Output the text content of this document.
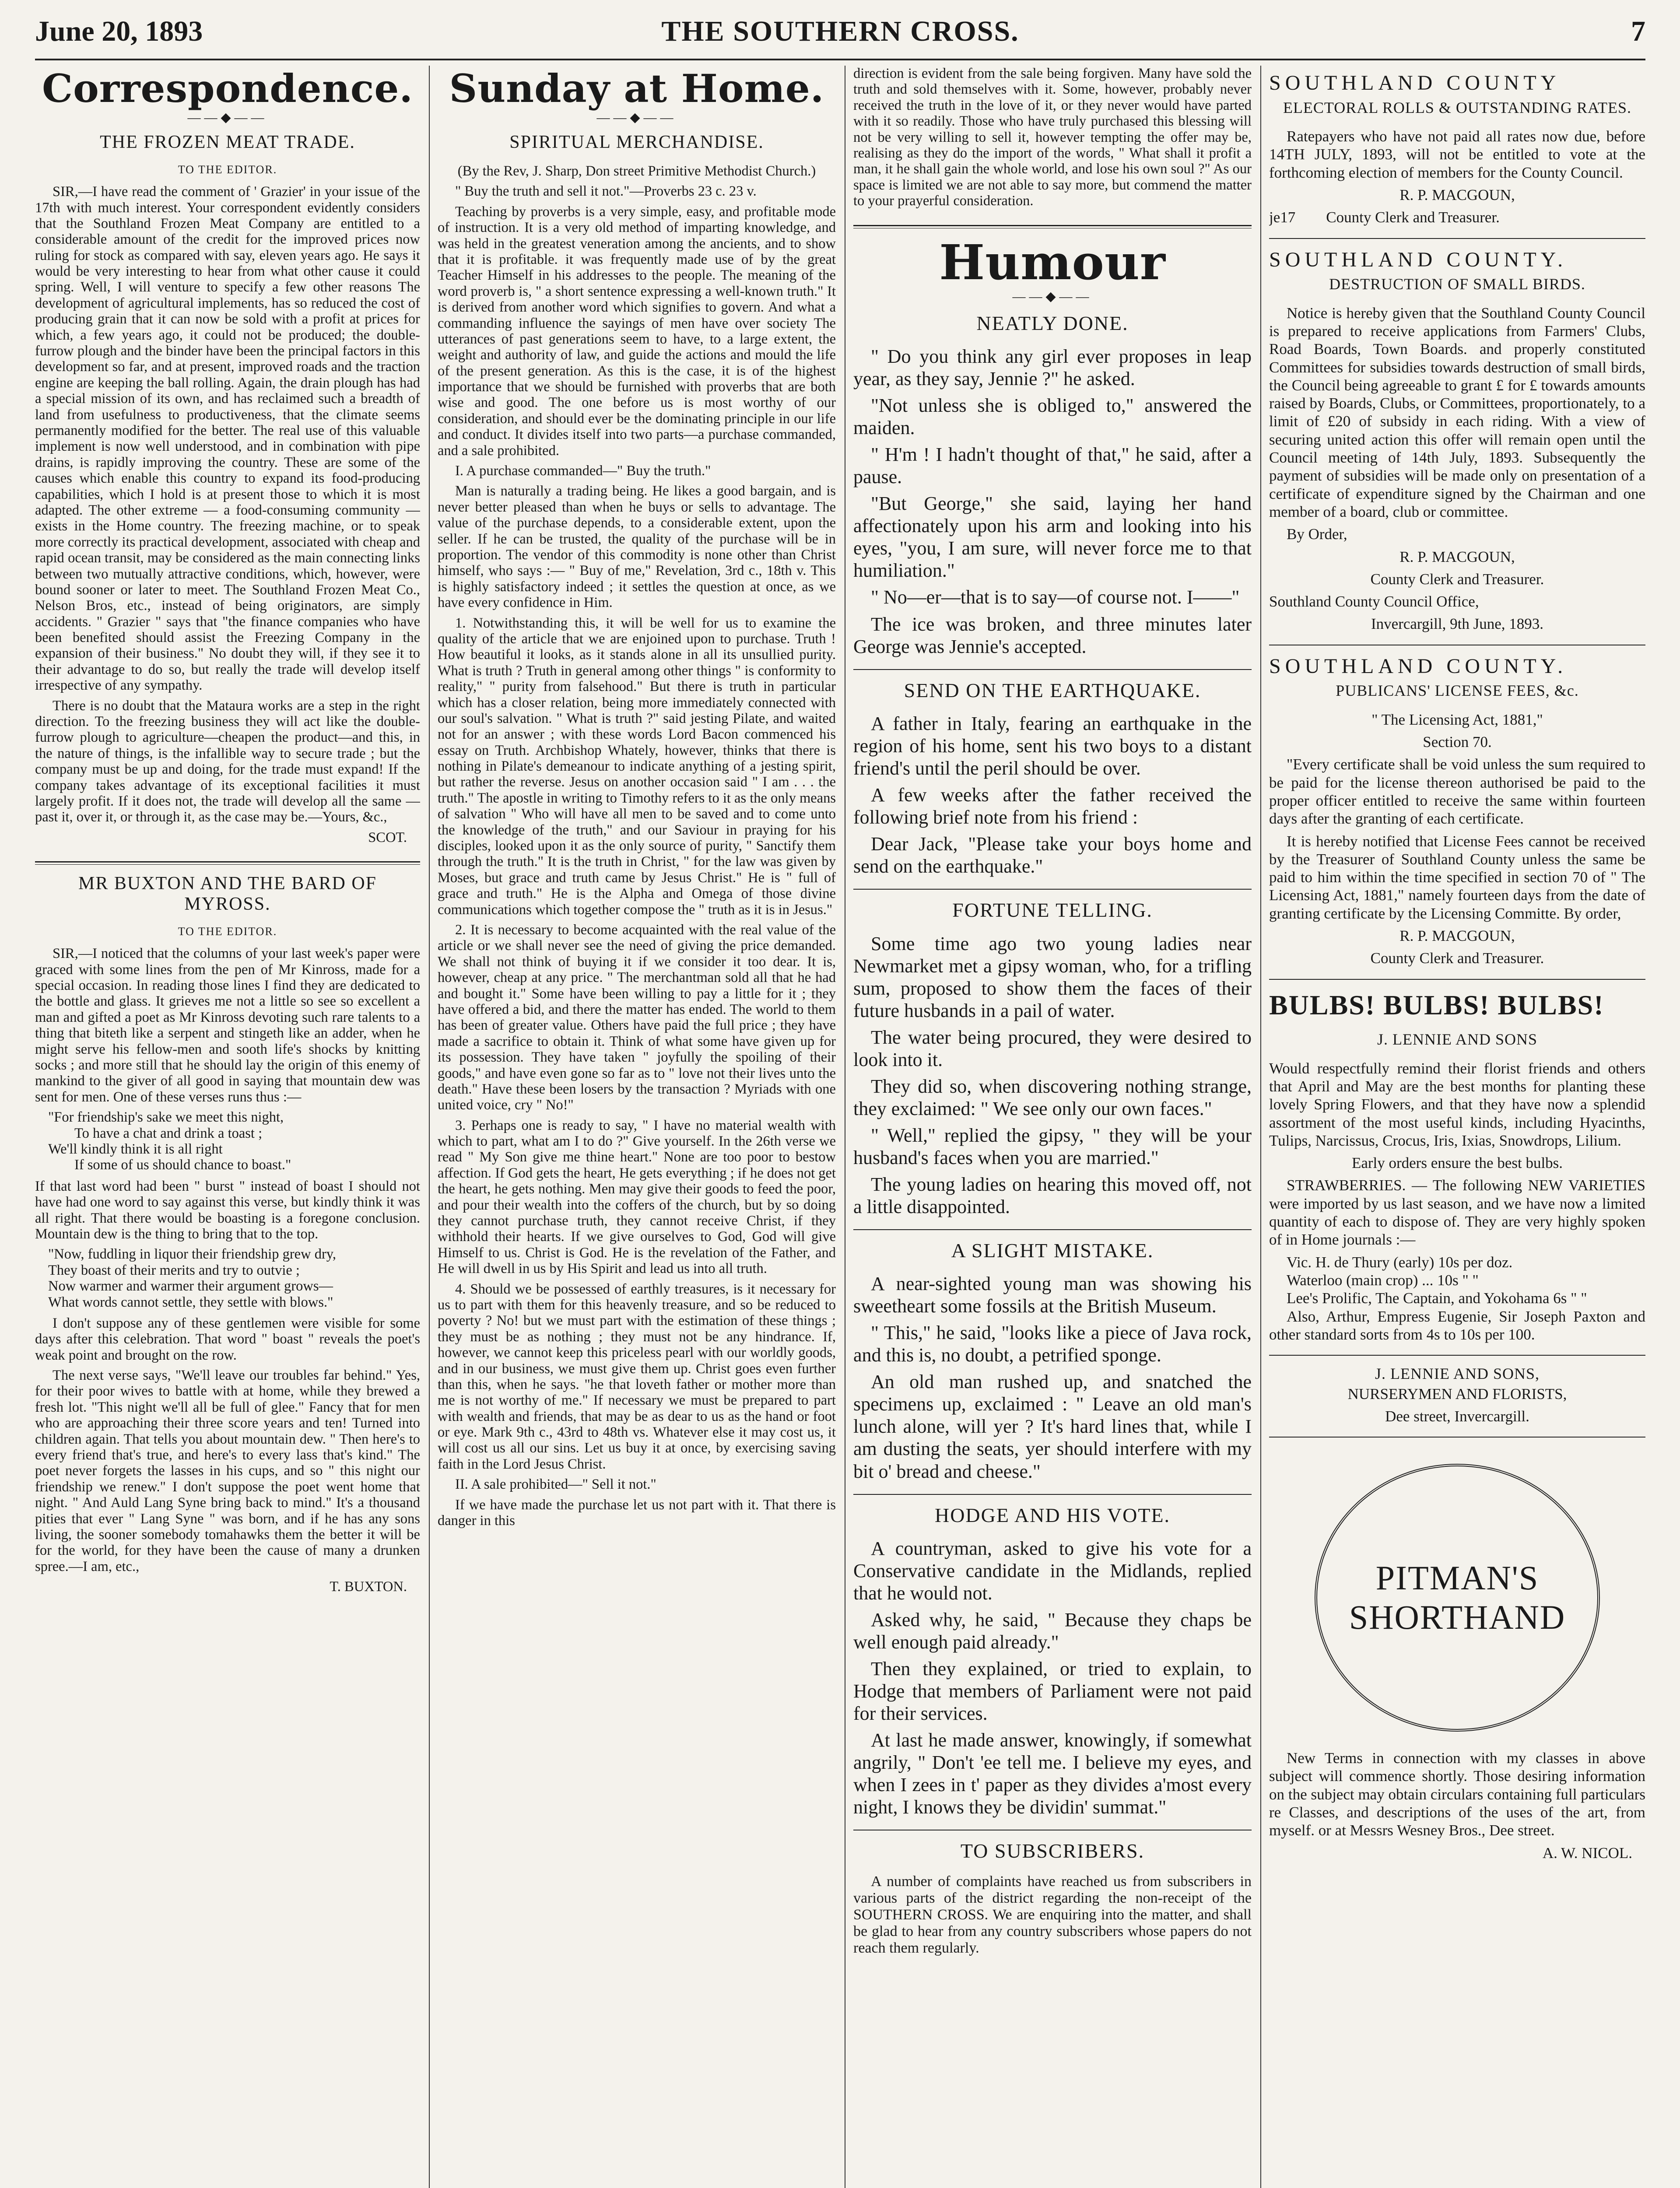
June 20, 1893	THE SOUTHERN CROSS.	7
Correspondence.
——◆——
THE FROZEN MEAT TRADE.
TO THE EDITOR.

SIR,—I have read the comment of ' Grazier' in your issue of the 17th with much interest. Your correspondent evidently considers that the Southland Frozen Meat Company are entitled to a considerable amount of the credit for the improved prices now ruling for stock as compared with say, eleven years ago. He says it would be very interesting to hear from what other cause it could spring. Well, I will venture to specify a few other reasons The development of agricultural implements, has so reduced the cost of producing grain that it can now be sold with a profit at prices for which, a few years ago, it could not be produced; the double-furrow plough and the binder have been the principal factors in this development so far, and at present, improved roads and the traction engine are keeping the ball rolling. Again, the drain plough has had a special mission of its own, and has reclaimed such a breadth of land from usefulness to productiveness, that the climate seems permanently modified for the better. The real use of this valuable implement is now well understood, and in combination with pipe drains, is rapidly improving the country. These are some of the causes which enable this country to expand its food-producing capabilities, which I hold is at present those to which it is most adapted. The other extreme — a food-consuming community — exists in the Home country. The freezing machine, or to speak more correctly its practical development, associated with cheap and rapid ocean transit, may be considered as the main connecting links between two mutually attractive conditions, which, however, were bound sooner or later to meet. The Southland Frozen Meat Co., Nelson Bros, etc., instead of being originators, are simply accidents. " Grazier " says that "the finance companies who have been benefited should assist the Freezing Company in the expansion of their business." No doubt they will, if they see it to their advantage to do so, but really the trade will develop itself irrespective of any sympathy.

There is no doubt that the Mataura works are a step in the right direction. To the freezing business they will act like the double-furrow plough to agriculture—cheapen the product—and this, in the nature of things, is the infallible way to secure trade ; but the company must be up and doing, for the trade must expand! If the company takes advantage of its exceptional facilities it must largely profit. If it does not, the trade will develop all the same —past it, over it, or through it, as the case may be.—Yours, &c.,

SCOT.
MR BUXTON AND THE BARD OF MYROSS.
TO THE EDITOR.

SIR,—I noticed that the columns of your last week's paper were graced with some lines from the pen of Mr Kinross, made for a special occasion. In reading those lines I find they are dedicated to the bottle and glass. It grieves me not a little so see so excellent a man and gifted a poet as Mr Kinross devoting such rare talents to a thing that biteth like a serpent and stingeth like an adder, when he might serve his fellow-men and sooth life's shocks by knitting socks ; and more still that he should lay the origin of this enemy of mankind to the giver of all good in saying that mountain dew was sent for men. One of these verses runs thus :—

"For friendship's sake we meet this night,
To have a chat and drink a toast ;
We'll kindly think it is all right
If some of us should chance to boast."

If that last word had been " burst " instead of boast I should not have had one word to say against this verse, but kindly think it was all right. That there would be boasting is a foregone conclusion. Mountain dew is the thing to bring that to the top.

"Now, fuddling in liquor their friendship grew dry,
They boast of their merits and try to outvie ;
Now warmer and warmer their argument grows—
What words cannot settle, they settle with blows."

I don't suppose any of these gentlemen were visible for some days after this celebration. That word " boast " reveals the poet's weak point and brought on the row.

The next verse says, "We'll leave our troubles far behind." Yes, for their poor wives to battle with at home, while they brewed a fresh lot. "This night we'll all be full of glee." Fancy that for men who are approaching their three score years and ten! Turned into children again. That tells you about mountain dew. " Then here's to every friend that's true, and here's to every lass that's kind." The poet never forgets the lasses in his cups, and so " this night our friendship we renew." I don't suppose the poet went home that night. " And Auld Lang Syne bring back to mind." It's a thousand pities that ever " Lang Syne " was born, and if he has any sons living, the sooner somebody tomahawks them the better it will be for the world, for they have been the cause of many a drunken spree.—I am, etc.,

T. BUXTON.
Sunday at Home.
——◆——
SPIRITUAL MERCHANDISE.

(By the Rev, J. Sharp, Don street Primitive Methodist Church.)

" Buy the truth and sell it not."—Proverbs 23 c. 23 v.

Teaching by proverbs is a very simple, easy, and profitable mode of instruction. It is a very old method of imparting knowledge, and was held in the greatest veneration among the ancients, and to show that it is profitable. it was frequently made use of by the great Teacher Himself in his addresses to the people. The meaning of the word proverb is, " a short sentence expressing a well-known truth." It is derived from another word which signifies to govern. And what a commanding influence the sayings of men have over society The utterances of past generations seem to have, to a large extent, the weight and authority of law, and guide the actions and mould the life of the present generation. As this is the case, it is of the highest importance that we should be furnished with proverbs that are both wise and good. The one before us is most worthy of our consideration, and should ever be the dominating principle in our life and conduct. It divides itself into two parts—a purchase commanded, and a sale prohibited.

I. A purchase commanded—" Buy the truth."

Man is naturally a trading being. He likes a good bargain, and is never better pleased than when he buys or sells to advantage. The value of the purchase depends, to a considerable extent, upon the seller. If he can be trusted, the quality of the purchase will be in proportion. The vendor of this commodity is none other than Christ himself, who says :— " Buy of me," Revelation, 3rd c., 18th v. This is highly satisfactory indeed ; it settles the question at once, as we have every confidence in Him.

1. Notwithstanding this, it will be well for us to examine the quality of the article that we are enjoined upon to purchase. Truth ! How beautiful it looks, as it stands alone in all its unsullied purity. What is truth ? Truth in general among other things " is conformity to reality," " purity from falsehood." But there is truth in particular which has a closer relation, being more immediately connected with our soul's salvation. " What is truth ?" said jesting Pilate, and waited not for an answer ; with these words Lord Bacon commenced his essay on Truth. Archbishop Whately, however, thinks that there is nothing in Pilate's demeanour to indicate anything of a jesting spirit, but rather the reverse. Jesus on another occasion said " I am . . . the truth." The apostle in writing to Timothy refers to it as the only means of salvation " Who will have all men to be saved and to come unto the knowledge of the truth," and our Saviour in praying for his disciples, looked upon it as the only source of purity, " Sanctify them through the truth." It is the truth in Christ, " for the law was given by Moses, but grace and truth came by Jesus Christ." He is " full of grace and truth." He is the Alpha and Omega of those divine communications which together compose the " truth as it is in Jesus."

2. It is necessary to become acquainted with the real value of the article or we shall never see the need of giving the price demanded. We shall not think of buying it if we consider it too dear. It is, however, cheap at any price. " The merchantman sold all that he had and bought it." Some have been willing to pay a little for it ; they have offered a bid, and there the matter has ended. The world to them has been of greater value. Others have paid the full price ; they have made a sacrifice to obtain it. Think of what some have given up for its possession. They have taken " joyfully the spoiling of their goods," and have even gone so far as to " love not their lives unto the death." Have these been losers by the transaction ? Myriads with one united voice, cry " No!"

3. Perhaps one is ready to say, " I have no material wealth with which to part, what am I to do ?" Give yourself. In the 26th verse we read " My Son give me thine heart." None are too poor to bestow affection. If God gets the heart, He gets everything ; if he does not get the heart, he gets nothing. Men may give their goods to feed the poor, and pour their wealth into the coffers of the church, but by so doing they cannot purchase truth, they cannot receive Christ, if they withhold their hearts. If we give ourselves to God, God will give Himself to us. Christ is God. He is the revelation of the Father, and He will dwell in us by His Spirit and lead us into all truth.

4. Should we be possessed of earthly treasures, is it necessary for us to part with them for this heavenly treasure, and so be reduced to poverty ? No! but we must part with the estimation of these things ; they must be as nothing ; they must not be any hindrance. If, however, we cannot keep this priceless pearl with our worldly goods, and in our business, we must give them up. Christ goes even further than this, when he says. "he that loveth father or mother more than me is not worthy of me." If necessary we must be prepared to part with wealth and friends, that may be as dear to us as the hand or foot or eye. Mark 9th c., 43rd to 48th vs. Whatever else it may cost us, it will cost us all our sins. Let us buy it at once, by exercising saving faith in the Lord Jesus Christ.

II. A sale prohibited—" Sell it not."

If we have made the purchase let us not part with it. That there is danger in this

direction is evident from the sale being forgiven. Many have sold the truth and sold themselves with it. Some, however, probably never received the truth in the love of it, or they never would have parted with it so readily. Those who have truly purchased this blessing will not be very willing to sell it, however tempting the offer may be, realising as they do the import of the words, " What shall it profit a man, it he shall gain the whole world, and lose his own soul ?" As our space is limited we are not able to say more, but commend the matter to your prayerful consideration.

Humour
——◆——
NEATLY DONE.

" Do you think any girl ever proposes in leap year, as they say, Jennie ?" he asked.

"Not unless she is obliged to," answered the maiden.

" H'm ! I hadn't thought of that," he said, after a pause.

"But George," she said, laying her hand affectionately upon his arm and looking into his eyes, "you, I am sure, will never force me to that humiliation."

" No—er—that is to say—of course not. I——"

The ice was broken, and three minutes later George was Jennie's accepted.

SEND ON THE EARTHQUAKE.

A father in Italy, fearing an earthquake in the region of his home, sent his two boys to a distant friend's until the peril should be over.

A few weeks after the father received the following brief note from his friend :

Dear Jack, "Please take your boys home and send on the earthquake."

FORTUNE TELLING.

Some time ago two young ladies near Newmarket met a gipsy woman, who, for a trifling sum, proposed to show them the faces of their future husbands in a pail of water.

The water being procured, they were desired to look into it.

They did so, when discovering nothing strange, they exclaimed: " We see only our own faces."

" Well," replied the gipsy, " they will be your husband's faces when you are married."

The young ladies on hearing this moved off, not a little disappointed.

A SLIGHT MISTAKE.

A near-sighted young man was showing his sweetheart some fossils at the British Museum.

" This," he said, "looks like a piece of Java rock, and this is, no doubt, a petrified sponge.

An old man rushed up, and snatched the specimens up, exclaimed : " Leave an old man's lunch alone, will yer ? It's hard lines that, while I am dusting the seats, yer should interfere with my bit o' bread and cheese."

HODGE AND HIS VOTE.

A countryman, asked to give his vote for a Conservative candidate in the Midlands, replied that he would not.

Asked why, he said, " Because they chaps be well enough paid already."

Then they explained, or tried to explain, to Hodge that members of Parliament were not paid for their services.

At last he made answer, knowingly, if somewhat angrily, " Don't 'ee tell me. I believe my eyes, and when I zees in t' paper as they divides a'most every night, I knows they be dividin' summat."

TO SUBSCRIBERS.

A number of complaints have reached us from subscribers in various parts of the district regarding the non-receipt of the SOUTHERN CROSS. We are enquiring into the matter, and shall be glad to hear from any country subscribers whose papers do not reach them regularly.

SOUTHLAND COUNTY
ELECTORAL ROLLS & OUTSTANDING RATES.

Ratepayers who have not paid all rates now due, before 14TH JULY, 1893, will not be entitled to vote at the forthcoming election of members for the County Council.

R. P. MACGOUN,

je17 County Clerk and Treasurer.

SOUTHLAND COUNTY.
DESTRUCTION OF SMALL BIRDS.

Notice is hereby given that the Southland County Council is prepared to receive applications from Farmers' Clubs, Road Boards, Town Boards. and properly constituted Committees for subsidies towards destruction of small birds, the Council being agreeable to grant £ for £ towards amounts raised by Boards, Clubs, or Committees, proportionately, to a limit of £20 of subsidy in each riding. With a view of securing united action this offer will remain open until the Council meeting of 14th July, 1893. Subsequently the payment of subsidies will be made only on presentation of a certificate of expenditure signed by the Chairman and one member of a board, club or committee.

By Order,

R. P. MACGOUN,

County Clerk and Treasurer.

Southland County Council Office,

Invercargill, 9th June, 1893.

SOUTHLAND COUNTY.
PUBLICANS' LICENSE FEES, &c.

" The Licensing Act, 1881,"

Section 70.

"Every certificate shall be void unless the sum required to be paid for the license thereon authorised be paid to the proper officer entitled to receive the same within fourteen days after the granting of each certificate.

It is hereby notified that License Fees cannot be received by the Treasurer of Southland County unless the same be paid to him within the time specified in section 70 of " The Licensing Act, 1881," namely fourteen days from the date of granting certificate by the Licensing Committe. By order,

R. P. MACGOUN,

County Clerk and Treasurer.

BULBS! BULBS! BULBS!
J. LENNIE AND SONS

Would respectfully remind their florist friends and others that April and May are the best months for planting these lovely Spring Flowers, and that they have now a splendid assortment of the most useful kinds, including Hyacinths, Tulips, Narcissus, Crocus, Iris, Ixias, Snowdrops, Lilium.

Early orders ensure the best bulbs.

STRAWBERRIES. — The following NEW VARIETIES were imported by us last season, and we have now a limited quantity of each to dispose of. They are very highly spoken of in Home journals :—

Vic. H. de Thury (early) 10s per doz.
Waterloo (main crop) ... 10s " "
Lee's Prolific, The Captain, and Yokohama 6s " "

Also, Arthur, Empress Eugenie, Sir Joseph Paxton and other standard sorts from 4s to 10s per 100.

J. LENNIE AND SONS,

NURSERYMEN AND FLORISTS,

Dee street, Invercargill.

PITMAN'S
SHORTHAND

New Terms in connection with my classes in above subject will commence shortly. Those desiring information on the subject may obtain circulars containing full particulars re Classes, and descriptions of the uses of the art, from myself. or at Messrs Wesney Bros., Dee street.

A. W. NICOL.
